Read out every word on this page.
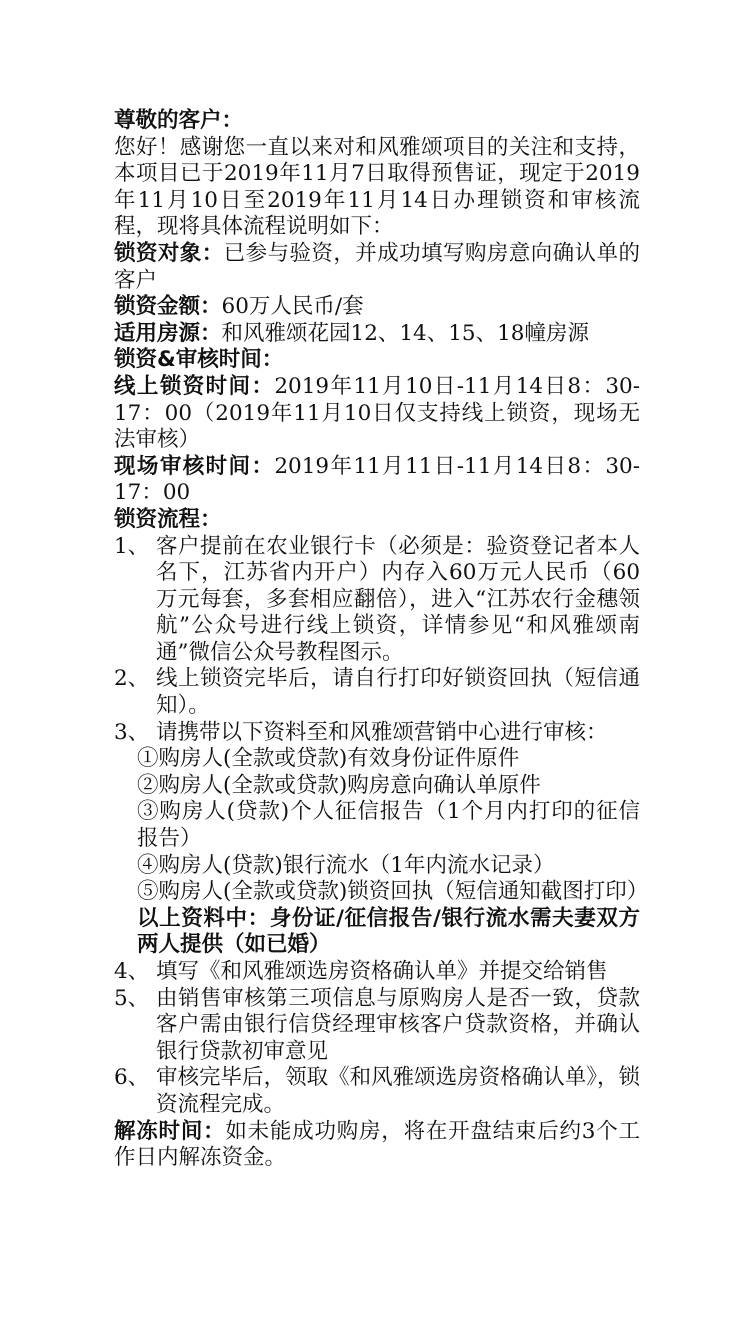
尊敬的客户：

您好！感谢您一直以来对和风雅颂项目的关注和支持，本项目已于2019年11月7日取得预售证，现定于2019年11月10日至2019年11月14日办理锁资和审核流程，现将具体流程说明如下：

锁资对象：已参与验资，并成功填写购房意向确认单的客户

锁资金额：60万人民币/套

适用房源：和风雅颂花园12、14、15、18幢房源

锁资&审核时间：

线上锁资时间：2019年11月10日-11月14日8：30-17：00（2019年11月10日仅支持线上锁资，现场无法审核）

现场审核时间：2019年11月11日-11月14日8：30-17：00

锁资流程：

1、 客户提前在农业银行卡（必须是：验资登记者本人名下，江苏省内开户）内存入60万元人民币（60万元每套，多套相应翻倍），进入“江苏农行金穗领航”公众号进行线上锁资，详情参见“和风雅颂南通”微信公众号教程图示。
2、 线上锁资完毕后，请自行打印好锁资回执（短信通知）。
3、 请携带以下资料至和风雅颂营销中心进行审核：

①购房人(全款或贷款)有效身份证件原件

②购房人(全款或贷款)购房意向确认单原件

③购房人(贷款)个人征信报告（1个月内打印的征信报告）

④购房人(贷款)银行流水（1年内流水记录）

⑤购房人(全款或贷款)锁资回执（短信通知截图打印）

以上资料中：身份证/征信报告/银行流水需夫妻双方两人提供（如已婚）

4、 填写《和风雅颂选房资格确认单》并提交给销售
5、 由销售审核第三项信息与原购房人是否一致，贷款客户需由银行信贷经理审核客户贷款资格，并确认银行贷款初审意见
6、 审核完毕后，领取《和风雅颂选房资格确认单》，锁资流程完成。

解冻时间：如未能成功购房，将在开盘结束后约3个工作日内解冻资金。
